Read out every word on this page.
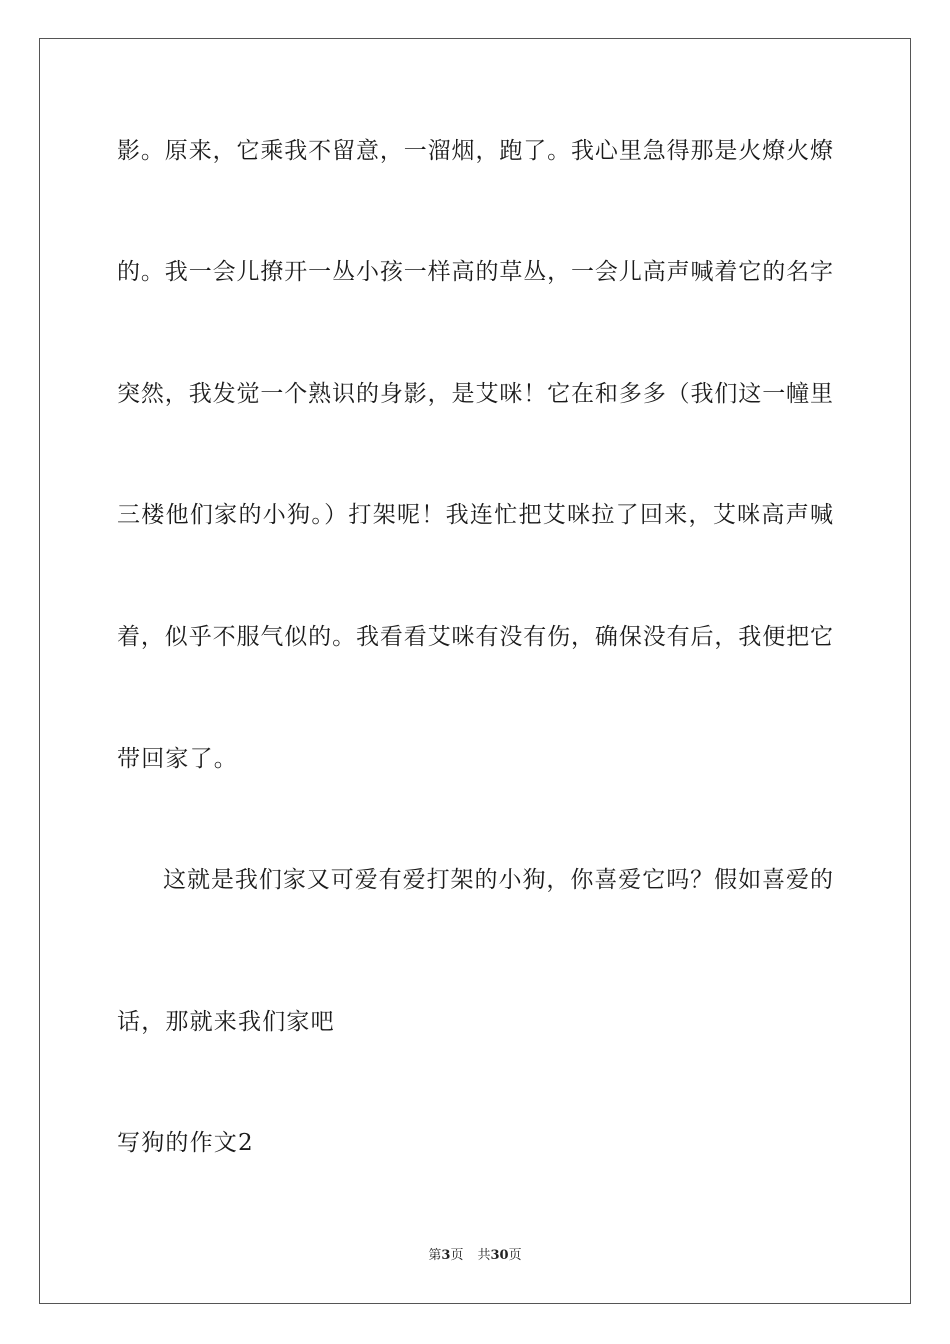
影。原来，它乘我不留意，一溜烟，跑了。我心里急得那是火燎火燎
的。我一会儿撩开一丛小孩一样高的草丛，一会儿高声喊着它的名字
突然，我发觉一个熟识的身影，是艾咪！它在和多多（我们这一幢里
三楼他们家的小狗。）打架呢！我连忙把艾咪拉了回来，艾咪高声喊
着，似乎不服气似的。我看看艾咪有没有伤，确保没有后，我便把它
带回家了。
这就是我们家又可爱有爱打架的小狗，你喜爱它吗？假如喜爱的
话，那就来我们家吧
写狗的作文2
第3页 共30页
